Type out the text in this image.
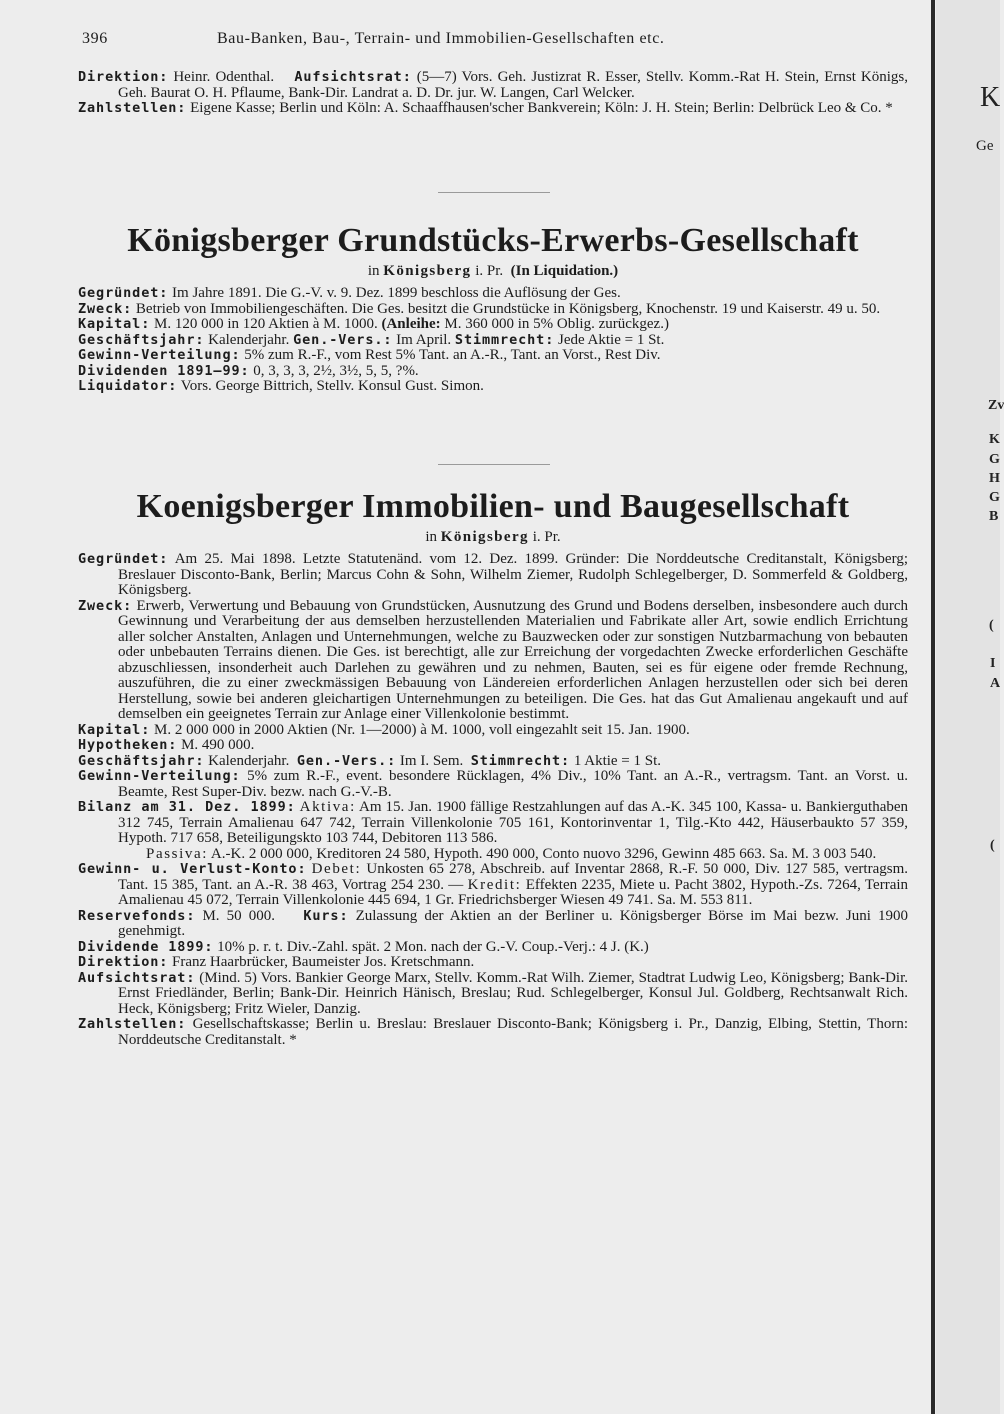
396	Bau-Banken, Bau-, Terrain- und Immobilien-Gesellschaften etc.

Direktion: Heinr. Odenthal. Aufsichtsrat: (5—7) Vors. Geh. Justizrat R. Esser, Stellv. Komm.-Rat H. Stein, Ernst Königs, Geh. Baurat O. H. Pflaume, Bank-Dir. Landrat a. D. Dr. jur. W. Langen, Carl Welcker.

Zahlstellen: Eigene Kasse; Berlin und Köln: A. Schaaffhausen'scher Bankverein; Köln: J. H. Stein; Berlin: Delbrück Leo & Co. *

Königsberger Grundstücks-Erwerbs-Gesellschaft

in Königsberg i. Pr. (In Liquidation.)

Gegründet: Im Jahre 1891. Die G.-V. v. 9. Dez. 1899 beschloss die Auflösung der Ges.

Zweck: Betrieb von Immobiliengeschäften. Die Ges. besitzt die Grundstücke in Königsberg, Knochenstr. 19 und Kaiserstr. 49 u. 50.

Kapital: M. 120 000 in 120 Aktien à M. 1000. (Anleihe: M. 360 000 in 5% Oblig. zurückgez.)

Geschäftsjahr: Kalenderjahr. Gen.-Vers.: Im April. Stimmrecht: Jede Aktie = 1 St.

Gewinn-Verteilung: 5% zum R.-F., vom Rest 5% Tant. an A.-R., Tant. an Vorst., Rest Div.

Dividenden 1891—99: 0, 3, 3, 3, 2½, 3½, 5, 5, ?%.

Liquidator: Vors. George Bittrich, Stellv. Konsul Gust. Simon.

Koenigsberger Immobilien- und Baugesellschaft

in Königsberg i. Pr.

Gegründet: Am 25. Mai 1898. Letzte Statutenänd. vom 12. Dez. 1899. Gründer: Die Norddeutsche Creditanstalt, Königsberg; Breslauer Disconto-Bank, Berlin; Marcus Cohn & Sohn, Wilhelm Ziemer, Rudolph Schlegelberger, D. Sommerfeld & Goldberg, Königsberg.

Zweck: Erwerb, Verwertung und Bebauung von Grundstücken, Ausnutzung des Grund und Bodens derselben, insbesondere auch durch Gewinnung und Verarbeitung der aus demselben herzustellenden Materialien und Fabrikate aller Art, sowie endlich Errichtung aller solcher Anstalten, Anlagen und Unternehmungen, welche zu Bauzwecken oder zur sonstigen Nutzbarmachung von bebauten oder unbebauten Terrains dienen. Die Ges. ist berechtigt, alle zur Erreichung der vorgedachten Zwecke erforderlichen Geschäfte abzuschliessen, insonderheit auch Darlehen zu gewähren und zu nehmen, Bauten, sei es für eigene oder fremde Rechnung, auszuführen, die zu einer zweckmässigen Bebauung von Ländereien erforderlichen Anlagen herzustellen oder sich bei deren Herstellung, sowie bei anderen gleichartigen Unternehmungen zu beteiligen. Die Ges. hat das Gut Amalienau angekauft und auf demselben ein geeignetes Terrain zur Anlage einer Villenkolonie bestimmt.

Kapital: M. 2 000 000 in 2000 Aktien (Nr. 1—2000) à M. 1000, voll eingezahlt seit 15. Jan. 1900.

Hypotheken: M. 490 000.

Geschäftsjahr: Kalenderjahr. Gen.-Vers.: Im I. Sem. Stimmrecht: 1 Aktie = 1 St.

Gewinn-Verteilung: 5% zum R.-F., event. besondere Rücklagen, 4% Div., 10% Tant. an A.-R., vertragsm. Tant. an Vorst. u. Beamte, Rest Super-Div. bezw. nach G.-V.-B.

Bilanz am 31. Dez. 1899: Aktiva: Am 15. Jan. 1900 fällige Restzahlungen auf das A.-K. 345 100, Kassa- u. Bankierguthaben 312 745, Terrain Amalienau 647 742, Terrain Villenkolonie 705 161, Kontorinventar 1, Tilg.-Kto 442, Häuserbaukto 57 359, Hypoth. 717 658, Beteiligungskto 103 744, Debitoren 113 586.

Passiva: A.-K. 2 000 000, Kreditoren 24 580, Hypoth. 490 000, Conto nuovo 3296, Gewinn 485 663. Sa. M. 3 003 540.

Gewinn- u. Verlust-Konto: Debet: Unkosten 65 278, Abschreib. auf Inventar 2868, R.-F. 50 000, Div. 127 585, vertragsm. Tant. 15 385, Tant. an A.-R. 38 463, Vortrag 254 230. — Kredit: Effekten 2235, Miete u. Pacht 3802, Hypoth.-Zs. 7264, Terrain Amalienau 45 072, Terrain Villenkolonie 445 694, 1 Gr. Friedrichsberger Wiesen 49 741. Sa. M. 553 811.

Reservefonds: M. 50 000. Kurs: Zulassung der Aktien an der Berliner u. Königsberger Börse im Mai bezw. Juni 1900 genehmigt.

Dividende 1899: 10% p. r. t. Div.-Zahl. spät. 2 Mon. nach der G.-V. Coup.-Verj.: 4 J. (K.)

Direktion: Franz Haarbrücker, Baumeister Jos. Kretschmann.

Aufsichtsrat: (Mind. 5) Vors. Bankier George Marx, Stellv. Komm.-Rat Wilh. Ziemer, Stadtrat Ludwig Leo, Königsberg; Bank-Dir. Ernst Friedländer, Berlin; Bank-Dir. Heinrich Hänisch, Breslau; Rud. Schlegelberger, Konsul Jul. Goldberg, Rechtsanwalt Rich. Heck, Königsberg; Fritz Wieler, Danzig.

Zahlstellen: Gesellschaftskasse; Berlin u. Breslau: Breslauer Disconto-Bank; Königsberg i. Pr., Danzig, Elbing, Stettin, Thorn: Norddeutsche Creditanstalt. *

K
Ge
Zv
K
G
H
G
B
(
I
A
(
